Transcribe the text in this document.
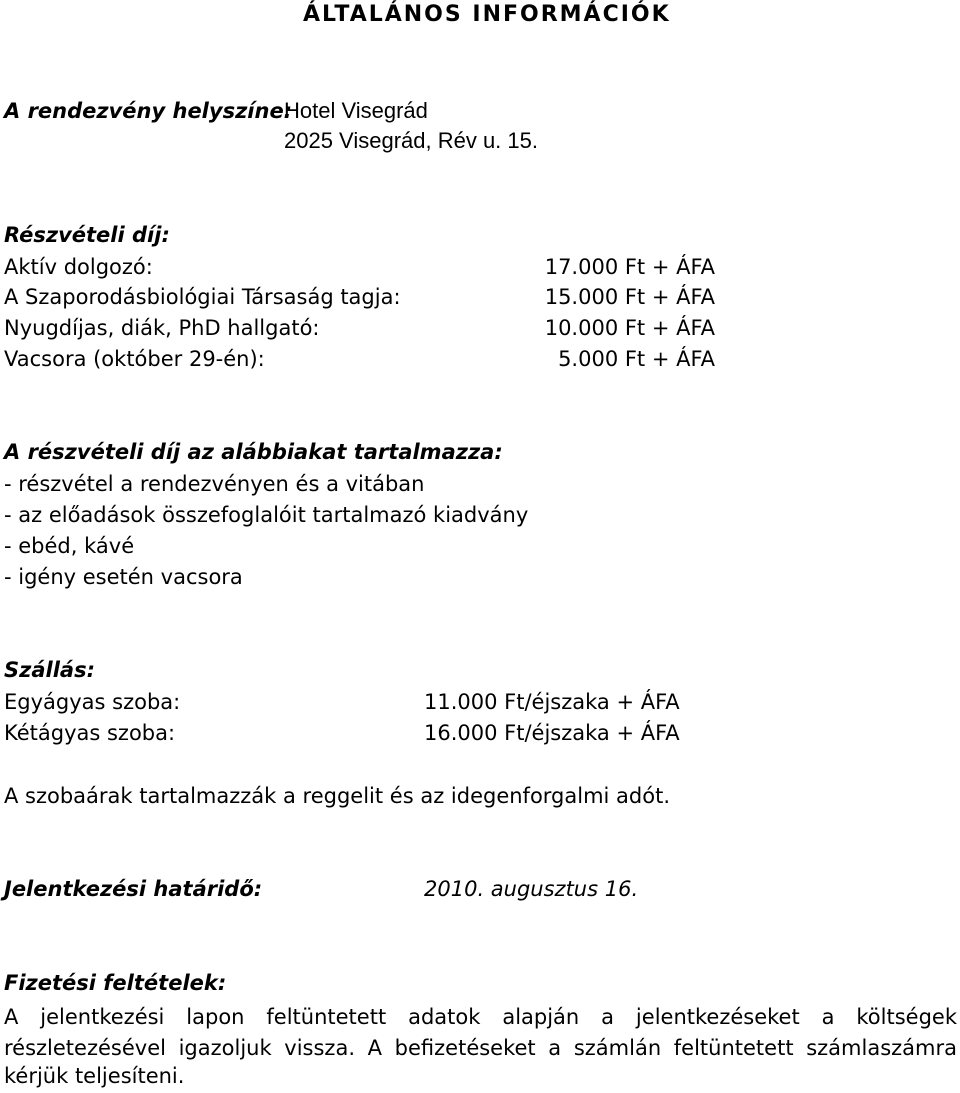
ÁLTALÁNOS INFORMÁCIÓK
A rendezvény helyszíne:
Hotel Visegrád
2025 Visegrád, Rév u. 15.
Részvételi díj:
Aktív dolgozó:	17.000 Ft + ÁFA
A Szaporodásbiológiai Társaság tagja:	15.000 Ft + ÁFA
Nyugdíjas, diák, PhD hallgató:	10.000 Ft + ÁFA
Vacsora (október 29-én):	5.000 Ft + ÁFA
A részvételi díj az alábbiakat tartalmazza:
- részvétel a rendezvényen és a vitában
- az előadások összefoglalóit tartalmazó kiadvány
- ebéd, kávé
- igény esetén vacsora
Szállás:
Egyágyas szoba:	11.000 Ft/éjszaka + ÁFA
Kétágyas szoba:	16.000 Ft/éjszaka + ÁFA
A szobaárak tartalmazzák a reggelit és az idegenforgalmi adót.
Jelentkezési határidő:	2010. augusztus 16.
Fizetési feltételek:
A jelentkezési lapon feltüntetett adatok alapján a jelentkezéseket a költségek
részletezésével igazoljuk vissza. A befizetéseket a számlán feltüntetett számlaszámra
kérjük teljesíteni.
